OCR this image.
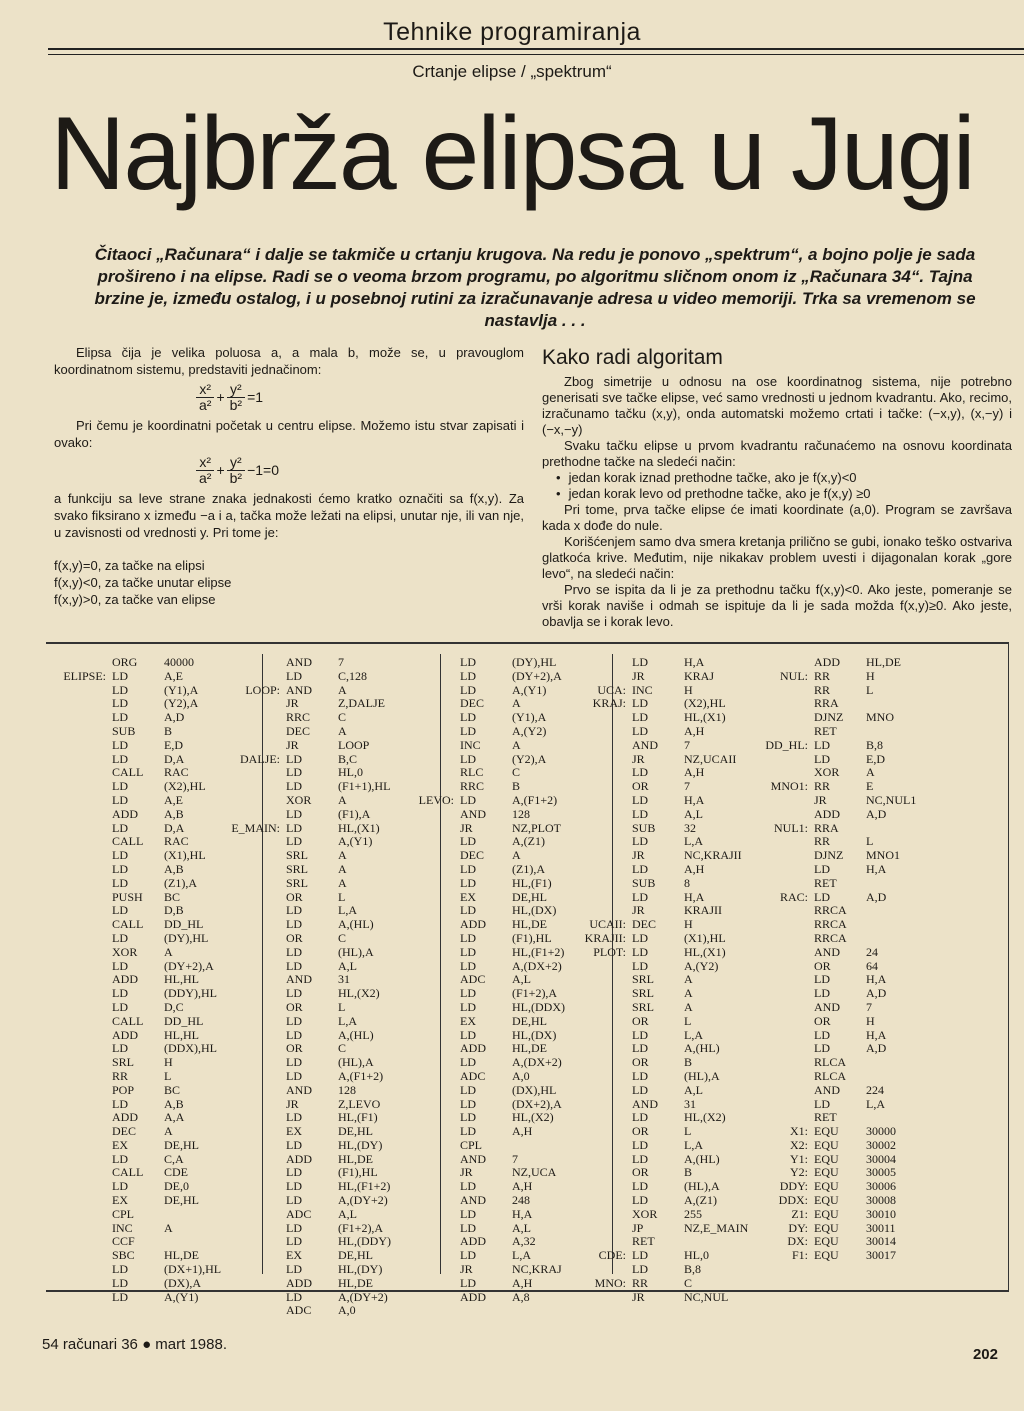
Tehnike programiranja
Crtanje elipse / „spektrum“
Najbrža elipsa u Jugi
Čitaoci „Računara“ i dalje se takmiče u crtanju krugova. Na redu je ponovo „spektrum“, a bojno polje je sada prošireno i na elipse. Radi se o veoma brzom programu, po algoritmu sličnom onom iz „Računara 34“. Tajna brzine je, između ostalog, i u posebnoj rutini za izračunavanje adresa u video memoriji. Trka sa vremenom se nastavlja . . .

Elipsa čija je velika poluosa a, a mala b, može se, u pravouglom koordinatnom sistemu, predstaviti jednačinom:

$\frac{\text{x²}}{\text{a²}} + \frac{\text{y²}}{\text{b²}} =1$

Pri čemu je koordinatni početak u centru elipse. Možemo istu stvar zapisati i ovako:

$\frac{\text{x²}}{\text{a²}} + \frac{\text{y²}}{\text{b²}} -1=0$

a funkciju sa leve strane znaka jednakosti ćemo kratko označiti sa f(x,y). Za svako fiksirano x između −a i a, tačka može ležati na elipsi, unutar nje, ili van nje, u zavisnosti od vrednosti y. Pri tome je:

f(x,y)=0, za tačke na elipsi
f(x,y)<0, za tačke unutar elipse
f(x,y)>0, za tačke van elipse
Kako radi algoritam

Zbog simetrije u odnosu na ose koordinatnog sistema, nije potrebno generisati sve tačke elipse, već samo vrednosti u jednom kvadrantu. Ako, recimo, izračunamo tačku (x,y), onda automatski možemo crtati i tačke: (−x,y), (x,−y) i (−x,−y)

Svaku tačku elipse u prvom kvadrantu računaćemo na osnovu koordinata prethodne tačke na sledeći način:

• jedan korak iznad prethodne tačke, ako je f(x,y)<0
• jedan korak levo od prethodne tačke, ako je f(x,y) ≥0

Pri tome, prva tačke elipse će imati koordinate (a,0). Program se završava kada x dođe do nule.

Korišćenjem samo dva smera kretanja prilično se gubi, ionako teško ostvariva glatkoća krive. Međutim, nije nikakav problem uvesti i dijagonalan korak „gore levo“, na sledeći način:

Prvo se ispita da li je za prethodnu tačku f(x,y)<0. Ako jeste, pomeranje se vrši korak naviše i odmah se ispituje da li je sada možda f(x,y)≥0. Ako jeste, obavlja se i korak levo.

ORG	40000
ELIPSE: LD	A,E
LD	(Y1),A
LD	(Y2),A
LD	A,D
SUB	B
LD	E,D
LD	D,A
CALL	RAC
LD	(X2),HL
LD	A,E
ADD	A,B
LD	D,A
CALL	RAC
LD	(X1),HL
LD	A,B
LD	(Z1),A
PUSH	BC
LD	D,B
CALL	DD_HL
LD	(DY),HL
XOR	A
LD	(DY+2),A
ADD	HL,HL
LD	(DDY),HL
LD	D,C
CALL	DD_HL
ADD	HL,HL
LD	(DDX),HL
SRL	H
RR	L
POP	BC
LD	A,B
ADD	A,A
DEC	A
EX	DE,HL
LD	C,A
CALL	CDE
LD	DE,0
EX	DE,HL
CPL
INC	A
CCF
SBC	HL,DE
LD	(DX+1),HL
LD	(DX),A
LD	A,(Y1)
AND	7
LD	C,128
LOOP: AND	A
JR	Z,DALJE
RRC	C
DEC	A
JR	LOOP
DALJE: LD	B,C
LD	HL,0
LD	(F1+1),HL
XOR	A
LD	(F1),A
E_MAIN: LD	HL,(X1)
LD	A,(Y1)
SRL	A
SRL	A
SRL	A
OR	L
LD	L,A
LD	A,(HL)
OR	C
LD	(HL),A
LD	A,L
AND	31
LD	HL,(X2)
OR	L
LD	L,A
LD	A,(HL)
OR	C
LD	(HL),A
LD	A,(F1+2)
AND	128
JR	Z,LEVO
LD	HL,(F1)
EX	DE,HL
LD	HL,(DY)
ADD	HL,DE
LD	(F1),HL
LD	HL,(F1+2)
LD	A,(DY+2)
ADC	A,L
LD	(F1+2),A
LD	HL,(DDY)
EX	DE,HL
LD	HL,(DY)
ADD	HL,DE
LD	A,(DY+2)
ADC	A,0
LD	(DY),HL
LD	(DY+2),A
LD	A,(Y1)
DEC	A
LD	(Y1),A
LD	A,(Y2)
INC	A
LD	(Y2),A
RLC	C
RRC	B
LEVO: LD	A,(F1+2)
AND	128
JR	NZ,PLOT
LD	A,(Z1)
DEC	A
LD	(Z1),A
LD	HL,(F1)
EX	DE,HL
LD	HL,(DX)
ADD	HL,DE
LD	(F1),HL
LD	HL,(F1+2)
LD	A,(DX+2)
ADC	A,L
LD	(F1+2),A
LD	HL,(DDX)
EX	DE,HL
LD	HL,(DX)
ADD	HL,DE
LD	A,(DX+2)
ADC	A,0
LD	(DX),HL
LD	(DX+2),A
LD	HL,(X2)
LD	A,H
CPL
AND	7
JR	NZ,UCA
LD	A,H
AND	248
LD	H,A
LD	A,L
ADD	A,32
LD	L,A
JR	NC,KRAJ
LD	A,H
ADD	A,8
LD	H,A
JR	KRAJ
UCA: INC	H
KRAJ: LD	(X2),HL
LD	HL,(X1)
LD	A,H
AND	7
JR	NZ,UCAII
LD	A,H
OR	7
LD	H,A
LD	A,L
SUB	32
LD	L,A
JR	NC,KRAJII
LD	A,H
SUB	8
LD	H,A
JR	KRAJII
UCAII: DEC	H
KRAJII: LD	(X1),HL
PLOT: LD	HL,(X1)
LD	A,(Y2)
SRL	A
SRL	A
SRL	A
OR	L
LD	L,A
LD	A,(HL)
OR	B
LD	(HL),A
LD	A,L
AND	31
LD	HL,(X2)
OR	L
LD	L,A
LD	A,(HL)
OR	B
LD	(HL),A
LD	A,(Z1)
XOR	255
JP	NZ,E_MAIN
RET
CDE: LD	HL,0
LD	B,8
MNO: RR	C
JR	NC,NUL
ADD	HL,DE
NUL: RR	H
RR	L
RRA
DJNZ	MNO
RET
DD_HL: LD	B,8
LD	E,D
XOR	A
MNO1: RR	E
JR	NC,NUL1
ADD	A,D
NUL1: RRA
RR	L
DJNZ	MNO1
LD	H,A
RET
RAC: LD	A,D
RRCA
RRCA
RRCA
AND	24
OR	64
LD	H,A
LD	A,D
AND	7
OR	H
LD	H,A
LD	A,D
RLCA
RLCA
AND	224
LD	L,A
RET
X1: EQU	30000
X2: EQU	30002
Y1: EQU	30004
Y2: EQU	30005
DDY: EQU	30006
DDX: EQU	30008
Z1: EQU	30010
DY: EQU	30011
DX: EQU	30014
F1: EQU	30017
54 računari 36 ● mart 1988.
202
